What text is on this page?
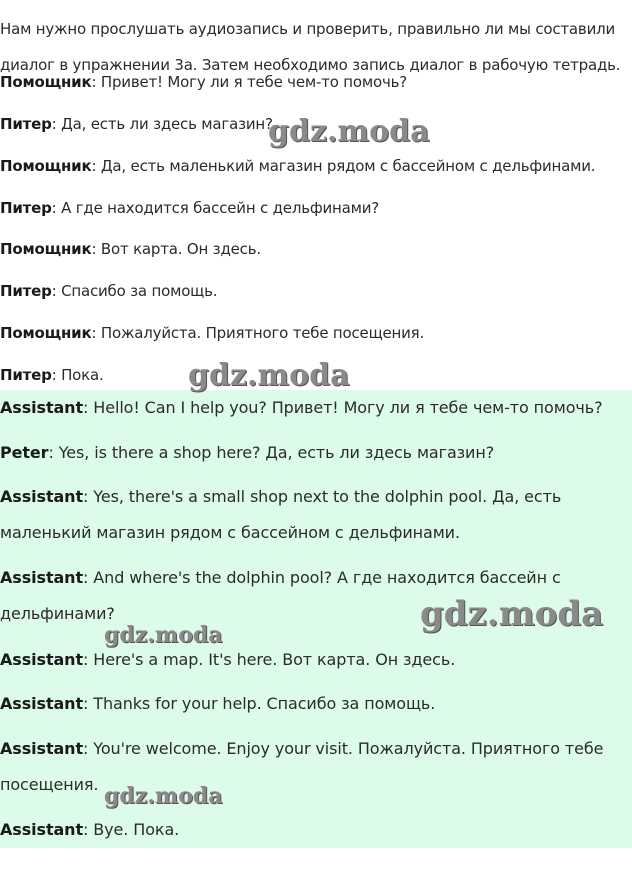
Нам нужно прослушать аудиозапись и проверить, правильно ли мы составили
диалог в упражнении 3а. Затем необходимо запись диалог в рабочую тетрадь.

Помощник: Привет! Могу ли я тебе чем-то помочь?
Питер: Да, есть ли здесь магазин?
Помощник: Да, есть маленький магазин рядом с бассейном с дельфинами.
Питер: А где находится бассейн с дельфинами?
Помощник: Вот карта. Он здесь.
Питер: Спасибо за помощь.
Помощник: Пожалуйста. Приятного тебе посещения.
Питер: Пока.
Assistant: Hello! Can I help you? Привет! Могу ли я тебе чем-то помочь?
Peter: Yes, is there a shop here? Да, есть ли здесь магазин?
Assistant: Yes, there's a small shop next to the dolphin pool. Да, есть
маленький магазин рядом с бассейном с дельфинами.
Assistant: And where's the dolphin pool? А где находится бассейн с
дельфинами?
Assistant: Here's a map. It's here. Вот карта. Он здесь.
Assistant: Thanks for your help. Спасибо за помощь.
Assistant: You're welcome. Enjoy your visit. Пожалуйста. Приятного тебе
посещения.
Assistant: Bye. Пока.
gdz.moda
gdz.moda
gdz.moda
gdz.moda
gdz.moda
